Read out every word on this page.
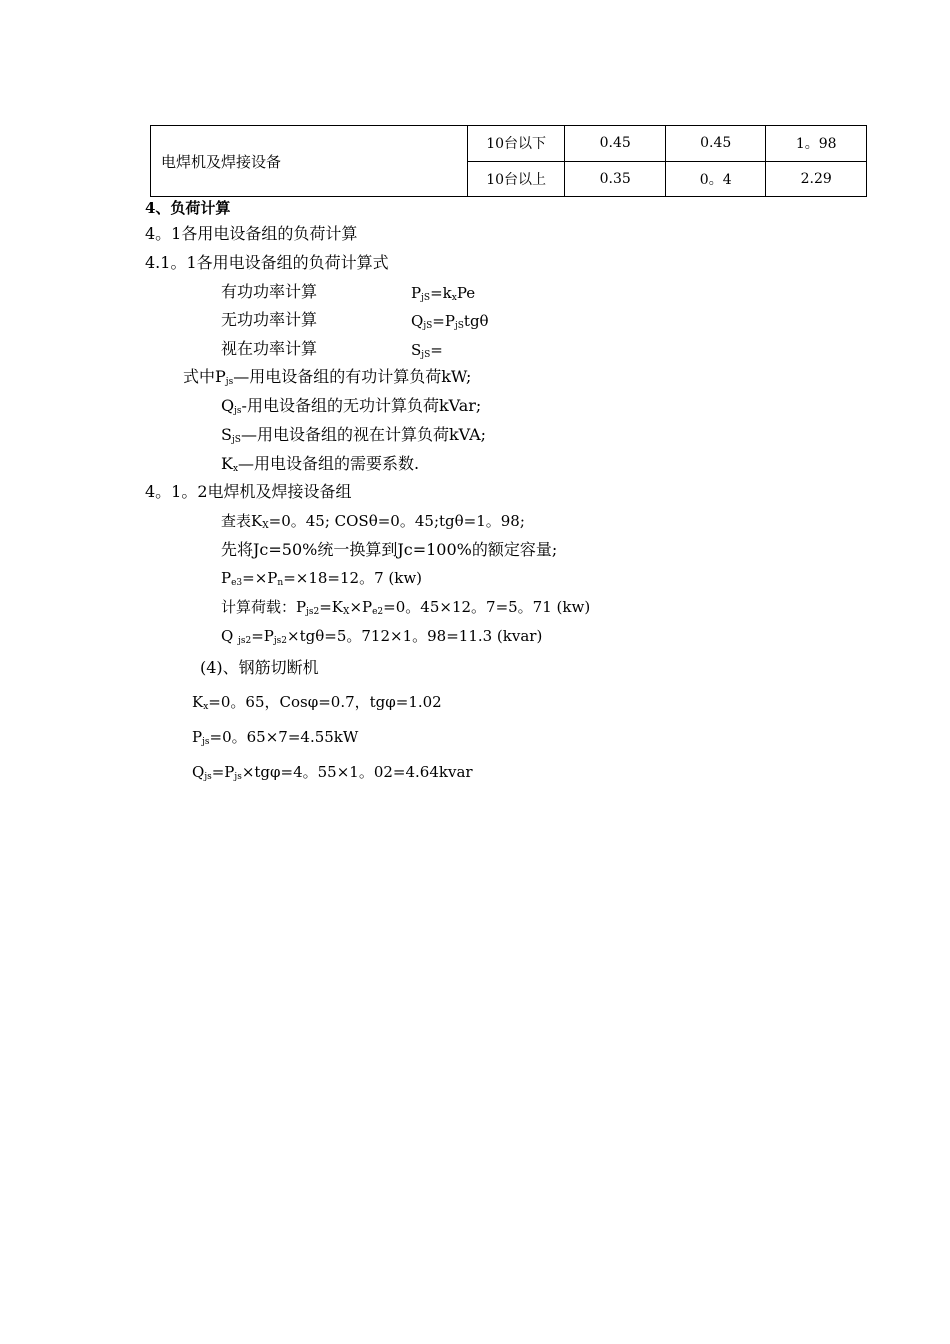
电焊机及焊接设备	10台以下	0.45	0.45	1。98
	10台以上	0.35	0。4	2.29
4、负荷计算
4。1各用电设备组的负荷计算
4.1。1各用电设备组的负荷计算式
有功功率计算	$P_{jS}=k_xPe$
无功功率计算	$Q_{jS}=P_{jS}tg\theta$
视在功率计算	$S_{jS}=$
式中$P_{js}—$用电设备组的有功计算负荷kW;
$Q_{js}-$用电设备组的无功计算负荷kVar;
$S_{jS}—$用电设备组的视在计算负荷kVA;
$K_x—$用电设备组的需要系数.
4。1。2电焊机及焊接设备组
查表$K_X=0$。45; COSθ=0。45;tgθ=1。98;
先将Jc=50%统一换算到Jc=100%的额定容量;
$P_{e3}=\times P_n=\times 18=12$。7 (kw)
计算荷载：$P_{js2}=K_X\times P_{e2}=0$。45×12。7=5。71 (kw)
Q $_{js2}=P_{js2}\times tg\theta=5$。712×1。98=11.3 (kvar)
(4)、钢筋切断机
$K_x=0$。65，Cosφ=0.7，tgφ=1.02
$P_{js}=0$。65×7=4.55kW
$Q_{js}=P_{js}\times tg\varphi=4$。55×1。02=4.64kvar
